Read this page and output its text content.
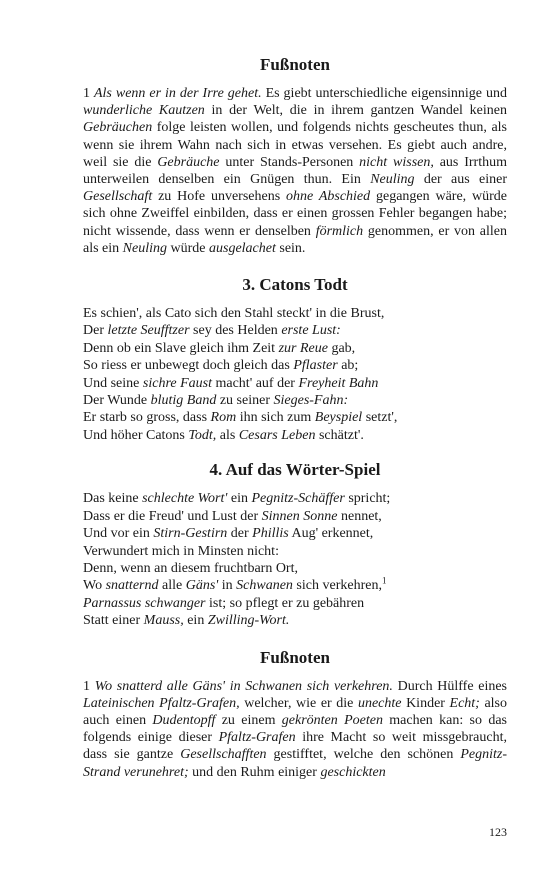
Fußnoten

1 Als wenn er in der Irre gehet. Es giebt unterschiedliche eigensinnige und wunderliche Kautzen in der Welt, die in ihrem gantzen Wandel keinen Gebräuchen folge leisten wollen, und folgends nichts gescheutes thun, als wenn sie ihrem Wahn nach sich in etwas versehen. Es giebt auch andre, weil sie die Gebräuche unter Stands-Personen nicht wissen, aus Irrthum unterweilen denselben ein Gnügen thun. Ein Neuling der aus einer Gesellschaft zu Hofe unversehens ohne Abschied gegangen wäre, würde sich ohne Zweiffel einbilden, dass er einen grossen Fehler begangen habe; nicht wissende, dass wenn er denselben förmlich genommen, er von allen als ein Neuling würde ausgelachet sein.

3. Catons Todt
Es schien', als Cato sich den Stahl steckt' in die Brust,
Der letzte Seufftzer sey des Helden erste Lust:
Denn ob ein Slave gleich ihm Zeit zur Reue gab,
So riess er unbewegt doch gleich das Pflaster ab;
Und seine sichre Faust macht' auf der Freyheit Bahn
Der Wunde blutig Band zu seiner Sieges-Fahn:
Er starb so gross, dass Rom ihn sich zum Beyspiel setzt',
Und höher Catons Todt, als Cesars Leben schätzt'.
4. Auf das Wörter-Spiel
Das keine schlechte Wort' ein Pegnitz-Schäffer spricht;
Dass er die Freud' und Lust der Sinnen Sonne nennet,
Und vor ein Stirn-Gestirn der Phillis Aug' erkennet,
Verwundert mich in Minsten nicht:
Denn, wenn an diesem fruchtbarn Ort,
Wo snatternd alle Gäns' in Schwanen sich verkehren,$^1$
Parnassus schwanger ist; so pflegt er zu gebähren
Statt einer Mauss, ein Zwilling-Wort.
Fußnoten

1 Wo snatterd alle Gäns' in Schwanen sich verkehren. Durch Hülffe eines Lateinischen Pfaltz-Grafen, welcher, wie er die unechte Kinder Echt; also auch einen Dudentopff zu einem gekrönten Poeten machen kan: so das folgends einige dieser Pfaltz-Grafen ihre Macht so weit missgebraucht, dass sie gantze Gesellschafften gestifftet, welche den schönen Pegnitz-Strand verunehret; und den Ruhm einiger geschickten

123
